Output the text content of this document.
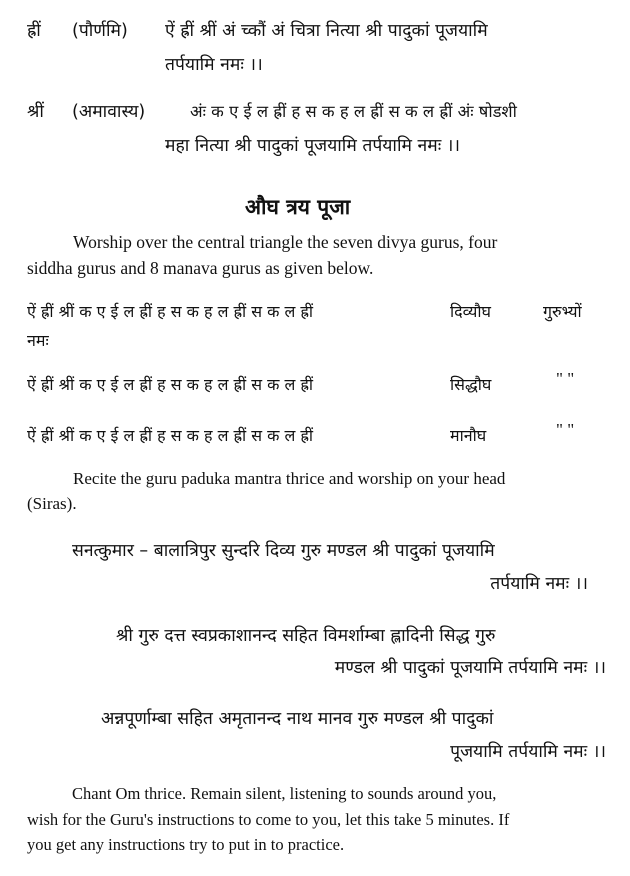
ह्रीं (पौर्णमि) ऐं ह्रीं श्रीं अं च्कौं अं चित्रा नित्या श्री पादुकां पूजयामि
तर्पयामि नमः ।।
श्रीं (अमावास्य)	अंः क ए ई ल ह्रीं ह स क ह ल ह्रीं स क ल ह्रीं अंः षोडशी
महा नित्या श्री पादुकां पूजयामि तर्पयामि नमः ।।
औघ त्रय पूजा
Worship over the central triangle the seven divya gurus, four
siddha gurus and 8 manava gurus as given below.
ऐं ह्रीं श्रीं क ए ई ल ह्रीं ह स क ह ल ह्रीं स क ल ह्रीं	दिव्यौघ	गुरुभ्यों
नमः
ऐं ह्रीं श्रीं क ए ई ल ह्रीं ह स क ह ल ह्रीं स क ल ह्रीं	सिद्धौघ	" "
ऐं ह्रीं श्रीं क ए ई ल ह्रीं ह स क ह ल ह्रीं स क ल ह्रीं	मानौघ	" "
Recite the guru paduka mantra thrice and worship on your head
(Siras).
सनत्कुमार – बालात्रिपुर सुन्दरि दिव्य गुरु मण्डल श्री पादुकां पूजयामि
तर्पयामि नमः ।।
श्री गुरु दत्त स्वप्रकाशानन्द सहित विमर्शाम्बा ह्लादिनी सिद्ध गुरु
मण्डल श्री पादुकां पूजयामि तर्पयामि नमः ।।
अन्नपूर्णाम्बा सहित अमृतानन्द नाथ मानव गुरु मण्डल श्री पादुकां
पूजयामि तर्पयामि नमः ।।
Chant Om thrice. Remain silent, listening to sounds around you,
wish for the Guru's instructions to come to you, let this take 5 minutes. If
you get any instructions try to put in to practice.
